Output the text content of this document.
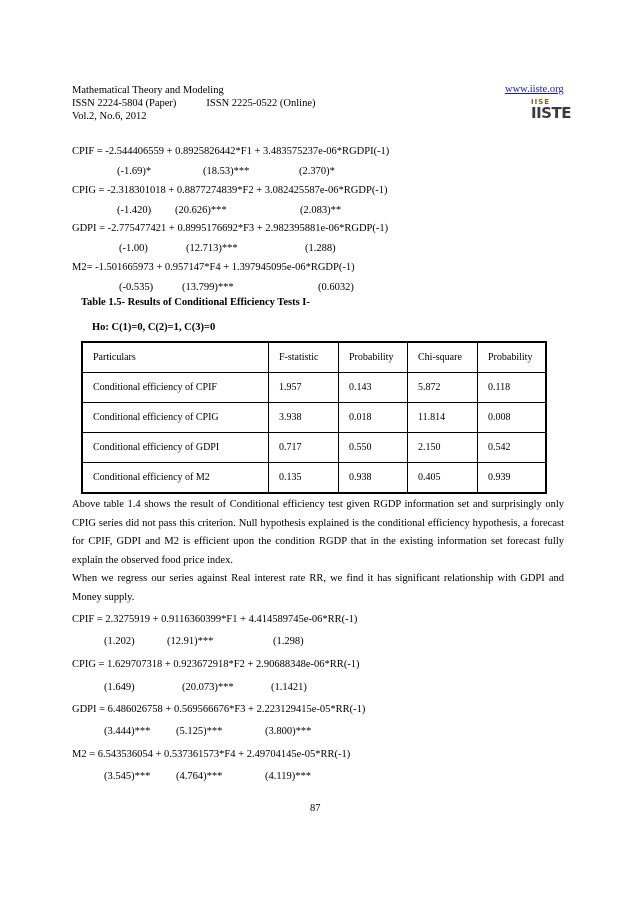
Mathematical Theory and Modeling
ISSN 2224-5804 (Paper)	ISSN 2225-0522 (Online)
Vol.2, No.6, 2012
www.iiste.org
IISE
IISTE
CPIF = -2.544406559 + 0.8925826442*F1 + 3.483575237e-06*RGDPI(-1)
(-1.69)*	(18.53)***	(2.370)*
CPIG = -2.318301018 + 0.8877274839*F2 + 3.082425587e-06*RGDP(-1)
(-1.420) (20.626)***	(2.083)**
GDPI = -2.775477421 + 0.8995176692*F3 + 2.982395881e-06*RGDP(-1)
(-1.00)	(12.713)***	(1.288)
M2= -1.501665973 + 0.957147*F4 + 1.397945095e-06*RGDP(-1)
(-0.535)	(13.799)***	(0.6032)
Table 1.5- Results of Conditional Efficiency Tests I-
Ho: C(1)=0, C(2)=1, C(3)=0
Particulars	F-statistic	Probability	Chi-square	Probability
Conditional efficiency of CPIF	1.957	0.143	5.872	0.118
Conditional efficiency of CPIG	3.938	0.018	11.814	0.008
Conditional efficiency of GDPI	0.717	0.550	2.150	0.542
Conditional efficiency of M2	0.135	0.938	0.405	0.939
Above table 1.4 shows the result of Conditional efficiency test given RGDP information set and surprisingly only CPIG series did not pass this criterion. Null hypothesis explained is the conditional efficiency hypothesis, a forecast for CPIF, GDPI and M2 is efficient upon the condition RGDP that in the existing information set forecast fully explain the observed food price index.
When we regress our series against Real interest rate RR, we find it has significant relationship with GDPI and Money supply.
CPIF = 2.3275919 + 0.9116360399*F1 + 4.414589745e-06*RR(-1)
(1.202)	(12.91)***	(1.298)
CPIG = 1.629707318 + 0.923672918*F2 + 2.90688348e-06*RR(-1)
(1.649)	(20.073)***	(1.1421)
GDPI = 6.486026758 + 0.569566676*F3 + 2.223129415e-05*RR(-1)
(3.444)*** (5.125)***	(3.800)***
M2 = 6.543536054 + 0.537361573*F4 + 2.49704145e-05*RR(-1)
(3.545)*** (4.764)***	(4.119)***
87
